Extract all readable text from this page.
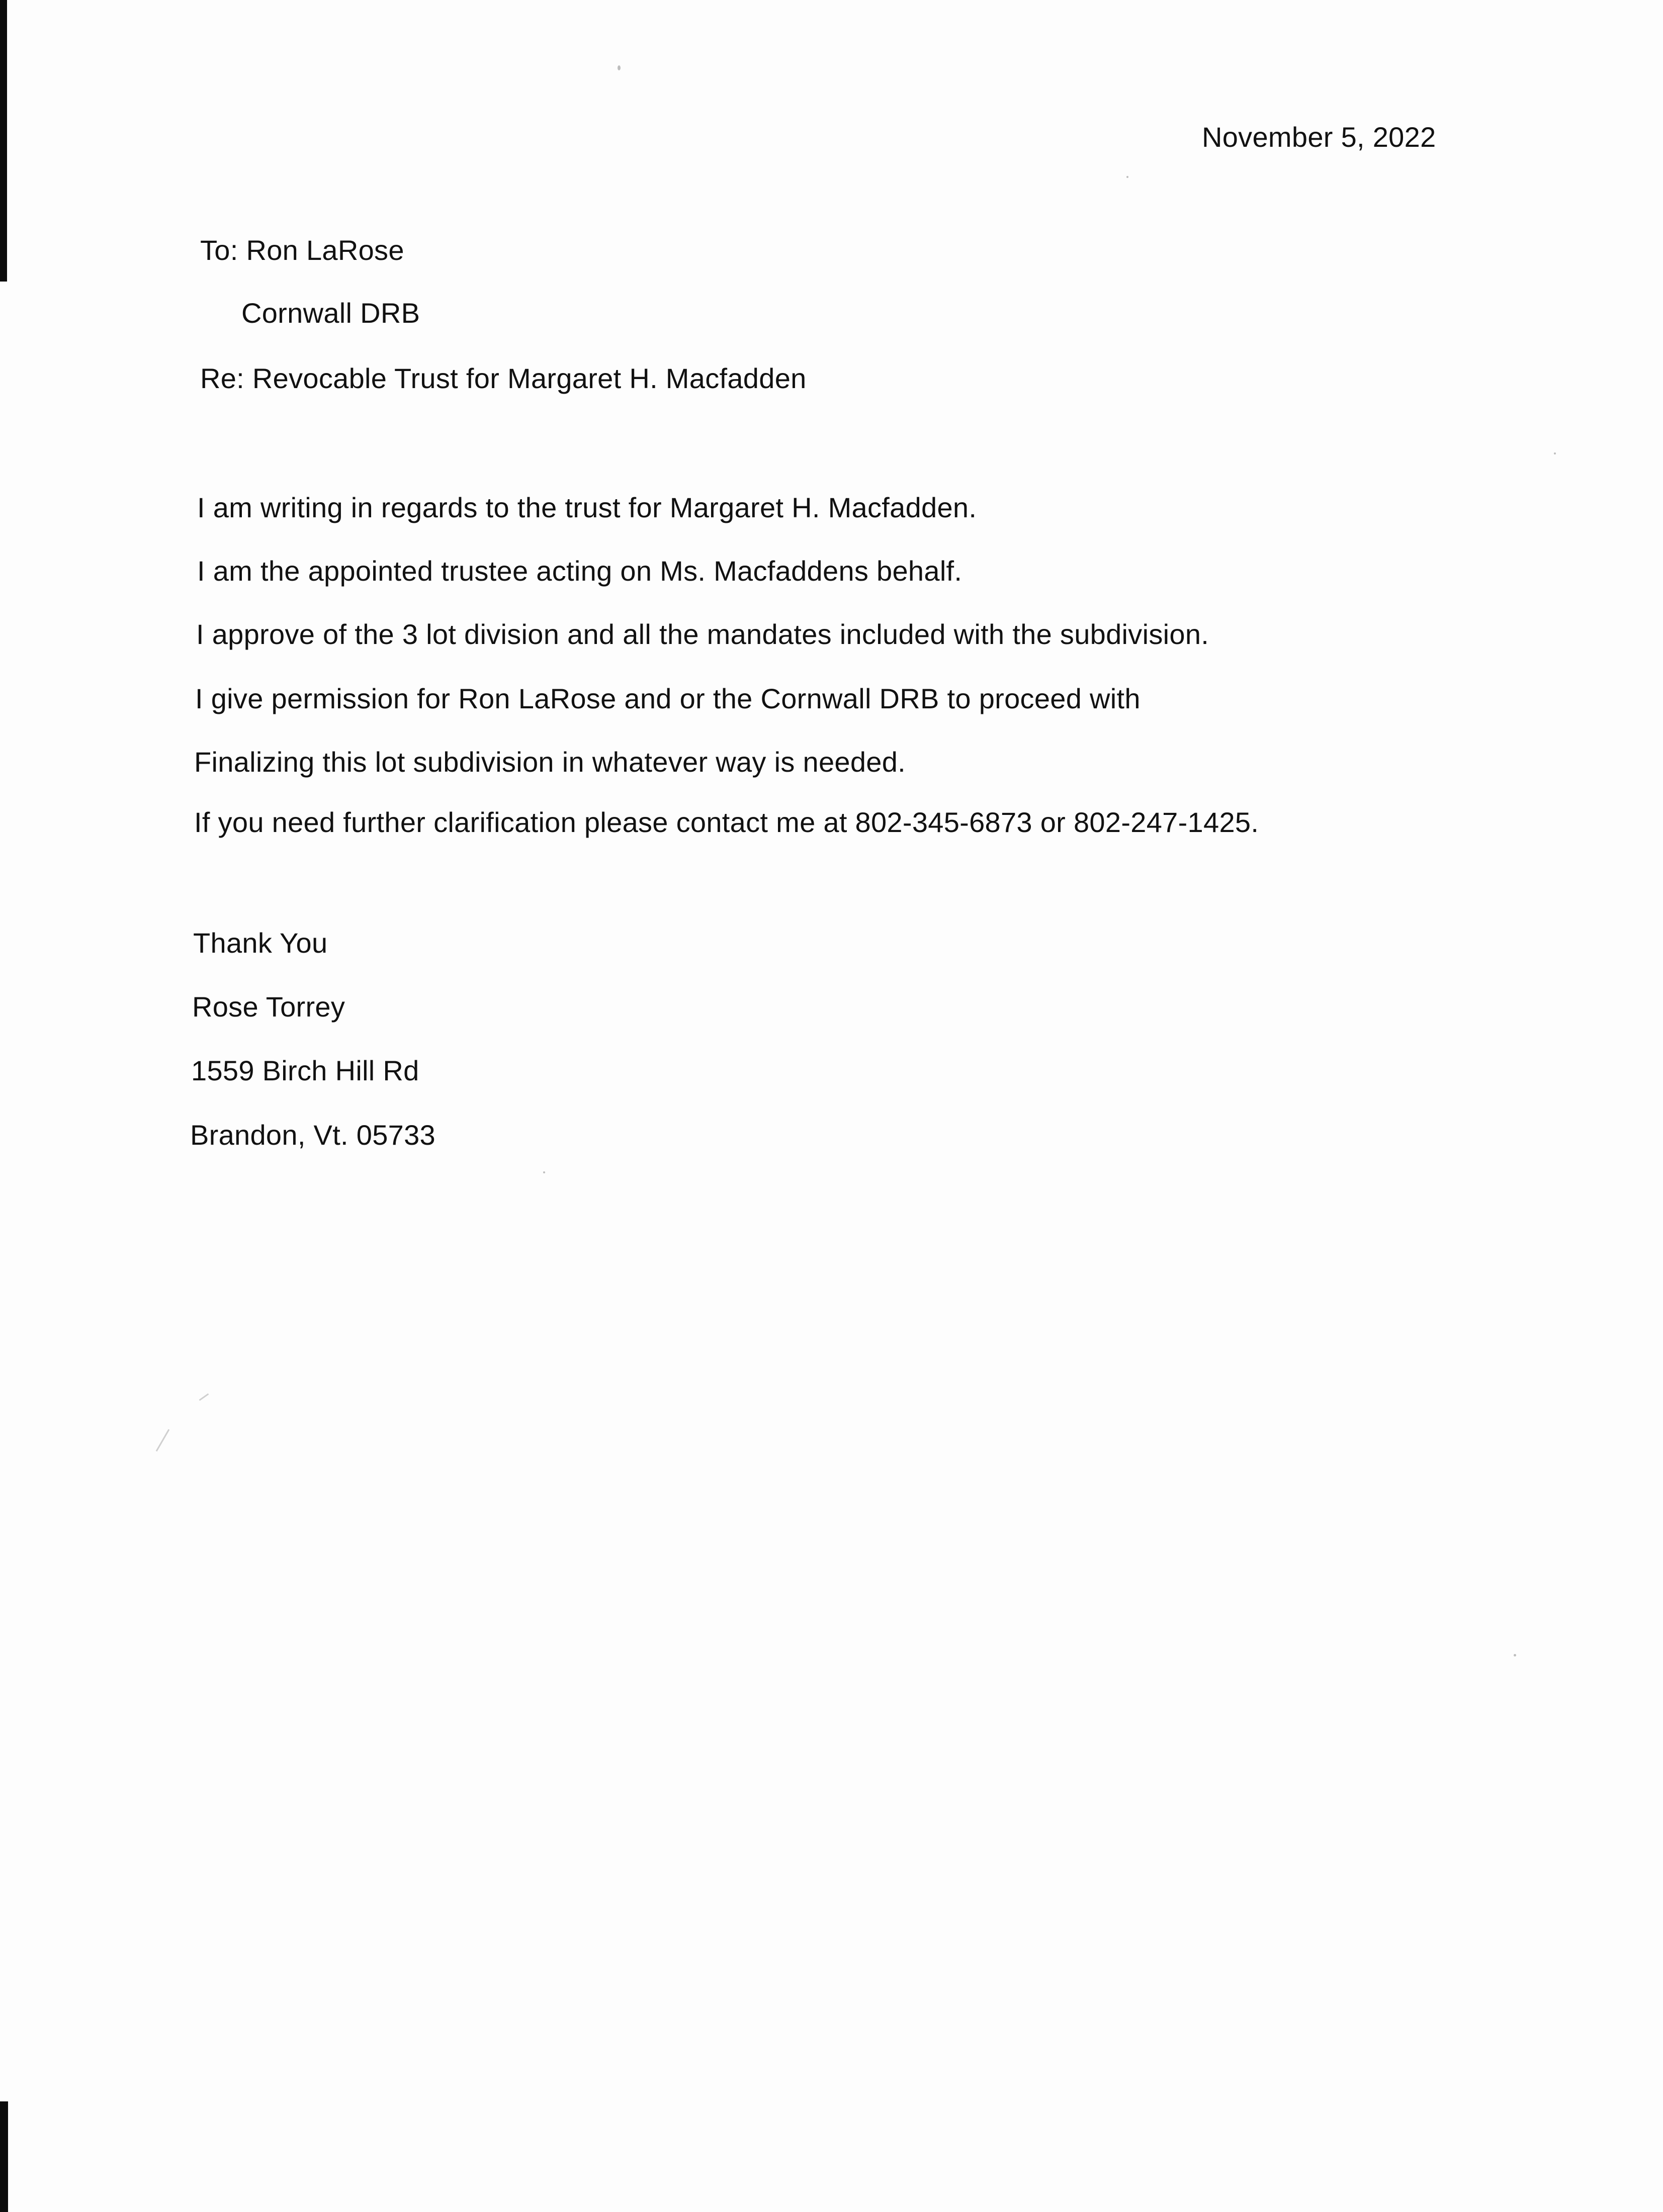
November 5, 2022
To: Ron LaRose
Cornwall DRB
Re: Revocable Trust for Margaret H. Macfadden
I am writing in regards to the trust for Margaret H. Macfadden.
I am the appointed trustee acting on Ms. Macfaddens behalf.
I approve of the 3 lot division and all the mandates included with the subdivision.
I give permission for Ron LaRose and or the Cornwall DRB to proceed with
Finalizing this lot subdivision in whatever way is needed.
If you need further clarification please contact me at 802-345-6873 or 802-247-1425.
Thank You
Rose Torrey
1559 Birch Hill Rd
Brandon, Vt. 05733
